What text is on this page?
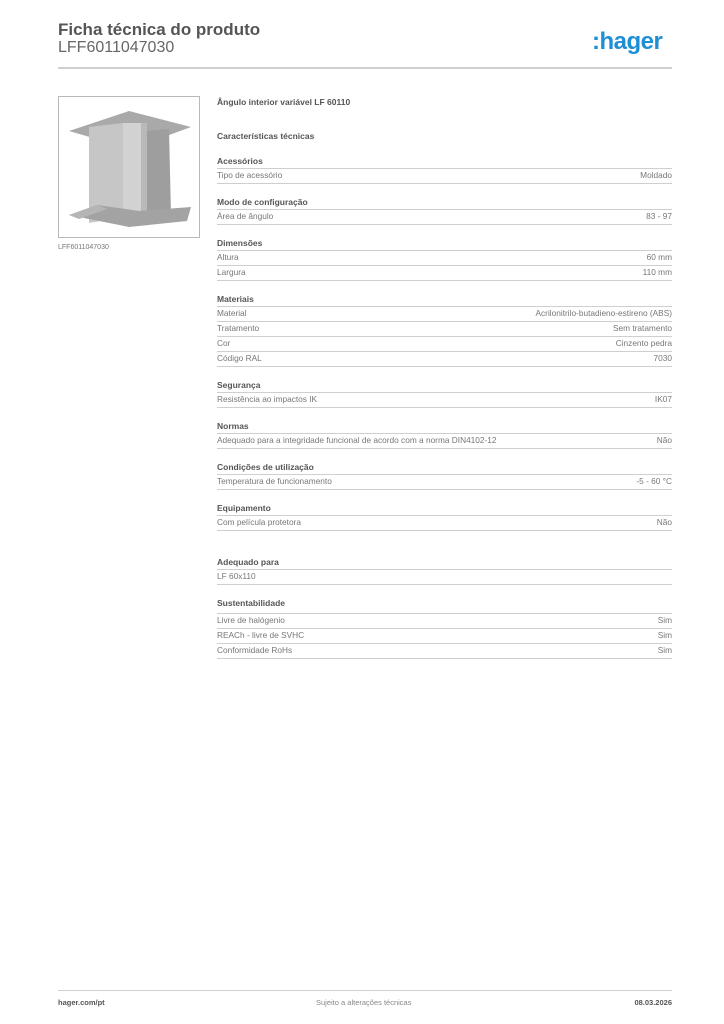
Ficha técnica do produto
LFF6011047030	:hager
LFF6011047030
Ângulo interior variável LF 60110
Características técnicas
Acessórios
Tipo de acessório	Moldado
Modo de configuração
Área de ângulo	83 - 97
Dimensões
Altura	60 mm
Largura	110 mm
Materiais
Material	Acrilonitrilo-butadieno-estireno (ABS)
Tratamento	Sem tratamento
Cor	Cinzento pedra
Código RAL	7030
Segurança
Resistência ao impactos IK	IK07
Normas
Adequado para a integridade funcional de acordo com a norma DIN4102-12	Não
Condições de utilização
Temperatura de funcionamento	-5 - 60 °C
Equipamento
Com película protetora	Não
Adequado para
LF 60x110
Sustentabilidade
Livre de halógenio	Sim
REACh - livre de SVHC	Sim
Conformidade RoHs	Sim
hager.com/pt	Sujeito a alterações técnicas	08.03.2026
